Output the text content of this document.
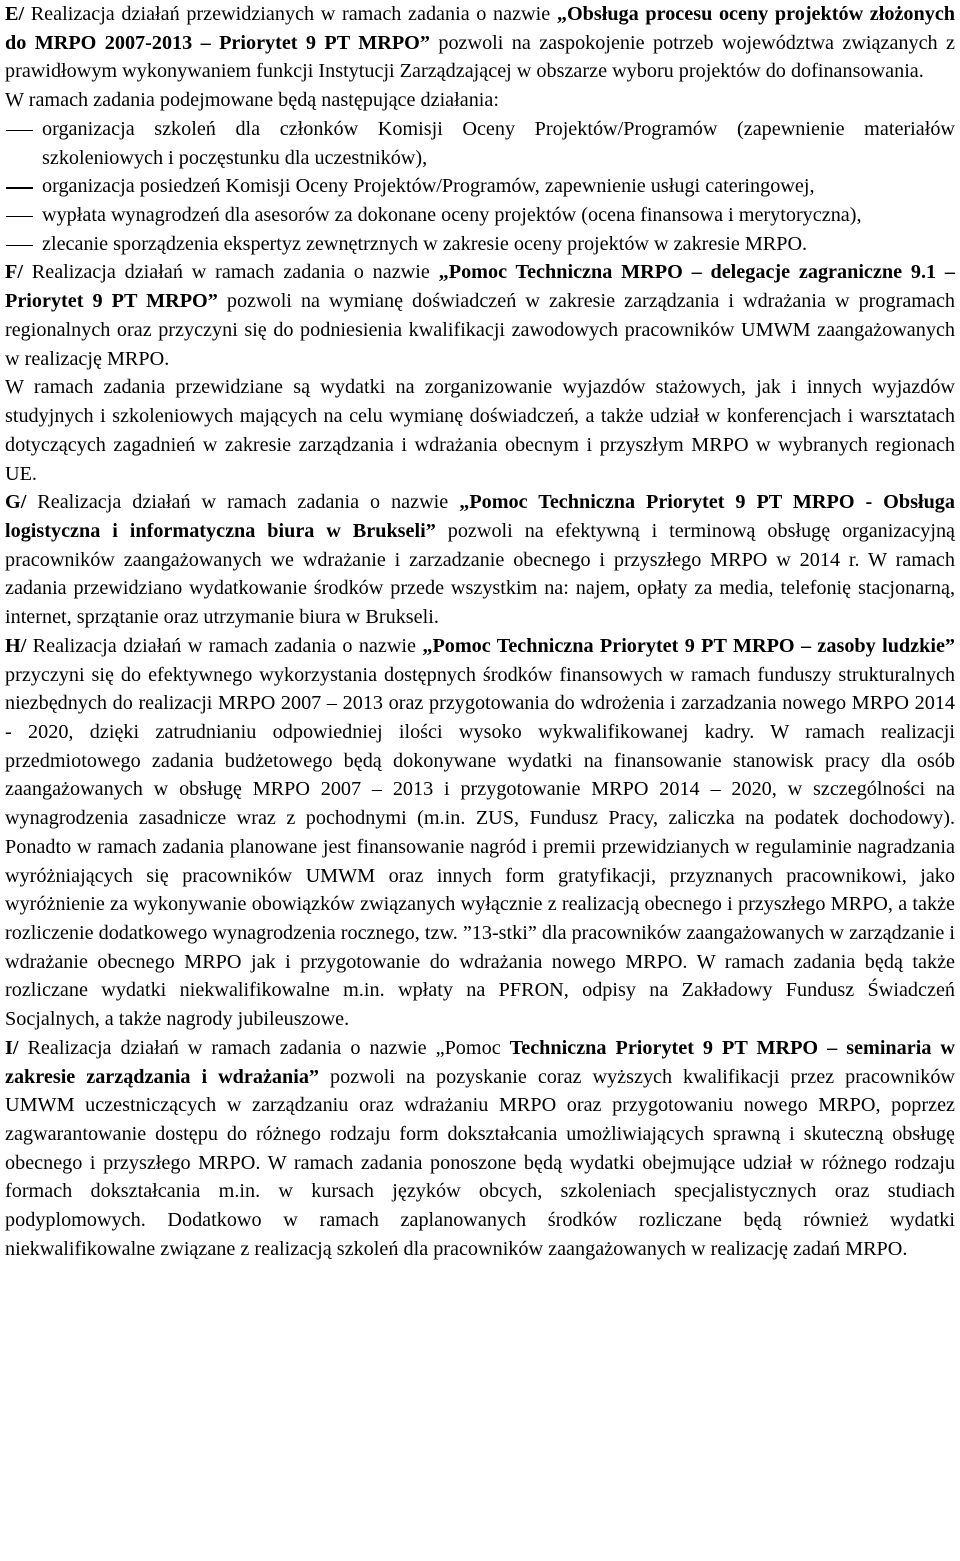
E/ Realizacja działań przewidzianych w ramach zadania o nazwie „Obsługa procesu oceny projektów złożonych do MRPO 2007-2013 – Priorytet 9 PT MRPO” pozwoli na zaspokojenie potrzeb województwa związanych z prawidłowym wykonywaniem funkcji Instytucji Zarządzającej w obszarze wyboru projektów do dofinansowania.

W ramach zadania podejmowane będą następujące działania:

organizacja szkoleń dla członków Komisji Oceny Projektów/Programów (zapewnienie materiałów szkoleniowych i poczęstunku dla uczestników),
organizacja posiedzeń Komisji Oceny Projektów/Programów, zapewnienie usługi cateringowej,
wypłata wynagrodzeń dla asesorów za dokonane oceny projektów (ocena finansowa i merytoryczna),
zlecanie sporządzenia ekspertyz zewnętrznych w zakresie oceny projektów w zakresie MRPO.

F/ Realizacja działań w ramach zadania o nazwie „Pomoc Techniczna MRPO – delegacje zagraniczne 9.1 – Priorytet 9 PT MRPO” pozwoli na wymianę doświadczeń w zakresie zarządzania i wdrażania w programach regionalnych oraz przyczyni się do podniesienia kwalifikacji zawodowych pracowników UMWM zaangażowanych w realizację MRPO.

W ramach zadania przewidziane są wydatki na zorganizowanie wyjazdów stażowych, jak i innych wyjazdów studyjnych i szkoleniowych mających na celu wymianę doświadczeń, a także udział w konferencjach i warsztatach dotyczących zagadnień w zakresie zarządzania i wdrażania obecnym i przyszłym MRPO w wybranych regionach UE.

G/ Realizacja działań w ramach zadania o nazwie „Pomoc Techniczna Priorytet 9 PT MRPO - Obsługa logistyczna i informatyczna biura w Brukseli” pozwoli na efektywną i terminową obsługę organizacyjną pracowników zaangażowanych we wdrażanie i zarzadzanie obecnego i przyszłego MRPO w 2014 r. W ramach zadania przewidziano wydatkowanie środków przede wszystkim na: najem, opłaty za media, telefonię stacjonarną, internet, sprzątanie oraz utrzymanie biura w Brukseli.

H/ Realizacja działań w ramach zadania o nazwie „Pomoc Techniczna Priorytet 9 PT MRPO – zasoby ludzkie” przyczyni się do efektywnego wykorzystania dostępnych środków finansowych w ramach funduszy strukturalnych niezbędnych do realizacji MRPO 2007 – 2013 oraz przygotowania do wdrożenia i zarzadzania nowego MRPO 2014 - 2020, dzięki zatrudnianiu odpowiedniej ilości wysoko wykwalifikowanej kadry. W ramach realizacji przedmiotowego zadania budżetowego będą dokonywane wydatki na finansowanie stanowisk pracy dla osób zaangażowanych w obsługę MRPO 2007 – 2013 i przygotowanie MRPO 2014 – 2020, w szczególności na wynagrodzenia zasadnicze wraz z pochodnymi (m.in. ZUS, Fundusz Pracy, zaliczka na podatek dochodowy). Ponadto w ramach zadania planowane jest finansowanie nagród i premii przewidzianych w regulaminie nagradzania wyróżniających się pracowników UMWM oraz innych form gratyfikacji, przyznanych pracownikowi, jako wyróżnienie za wykonywanie obowiązków związanych wyłącznie z realizacją obecnego i przyszłego MRPO, a także rozliczenie dodatkowego wynagrodzenia rocznego, tzw. ”13-stki” dla pracowników zaangażowanych w zarządzanie i wdrażanie obecnego MRPO jak i przygotowanie do wdrażania nowego MRPO. W ramach zadania będą także rozliczane wydatki niekwalifikowalne m.in. wpłaty na PFRON, odpisy na Zakładowy Fundusz Świadczeń Socjalnych, a także nagrody jubileuszowe.

I/ Realizacja działań w ramach zadania o nazwie „Pomoc Techniczna Priorytet 9 PT MRPO – seminaria w zakresie zarządzania i wdrażania” pozwoli na pozyskanie coraz wyższych kwalifikacji przez pracowników UMWM uczestniczących w zarządzaniu oraz wdrażaniu MRPO oraz przygotowaniu nowego MRPO, poprzez zagwarantowanie dostępu do różnego rodzaju form dokształcania umożliwiających sprawną i skuteczną obsługę obecnego i przyszłego MRPO. W ramach zadania ponoszone będą wydatki obejmujące udział w różnego rodzaju formach dokształcania m.in. w kursach języków obcych, szkoleniach specjalistycznych oraz studiach podyplomowych. Dodatkowo w ramach zaplanowanych środków rozliczane będą również wydatki niekwalifikowalne związane z realizacją szkoleń dla pracowników zaangażowanych w realizację zadań MRPO.
